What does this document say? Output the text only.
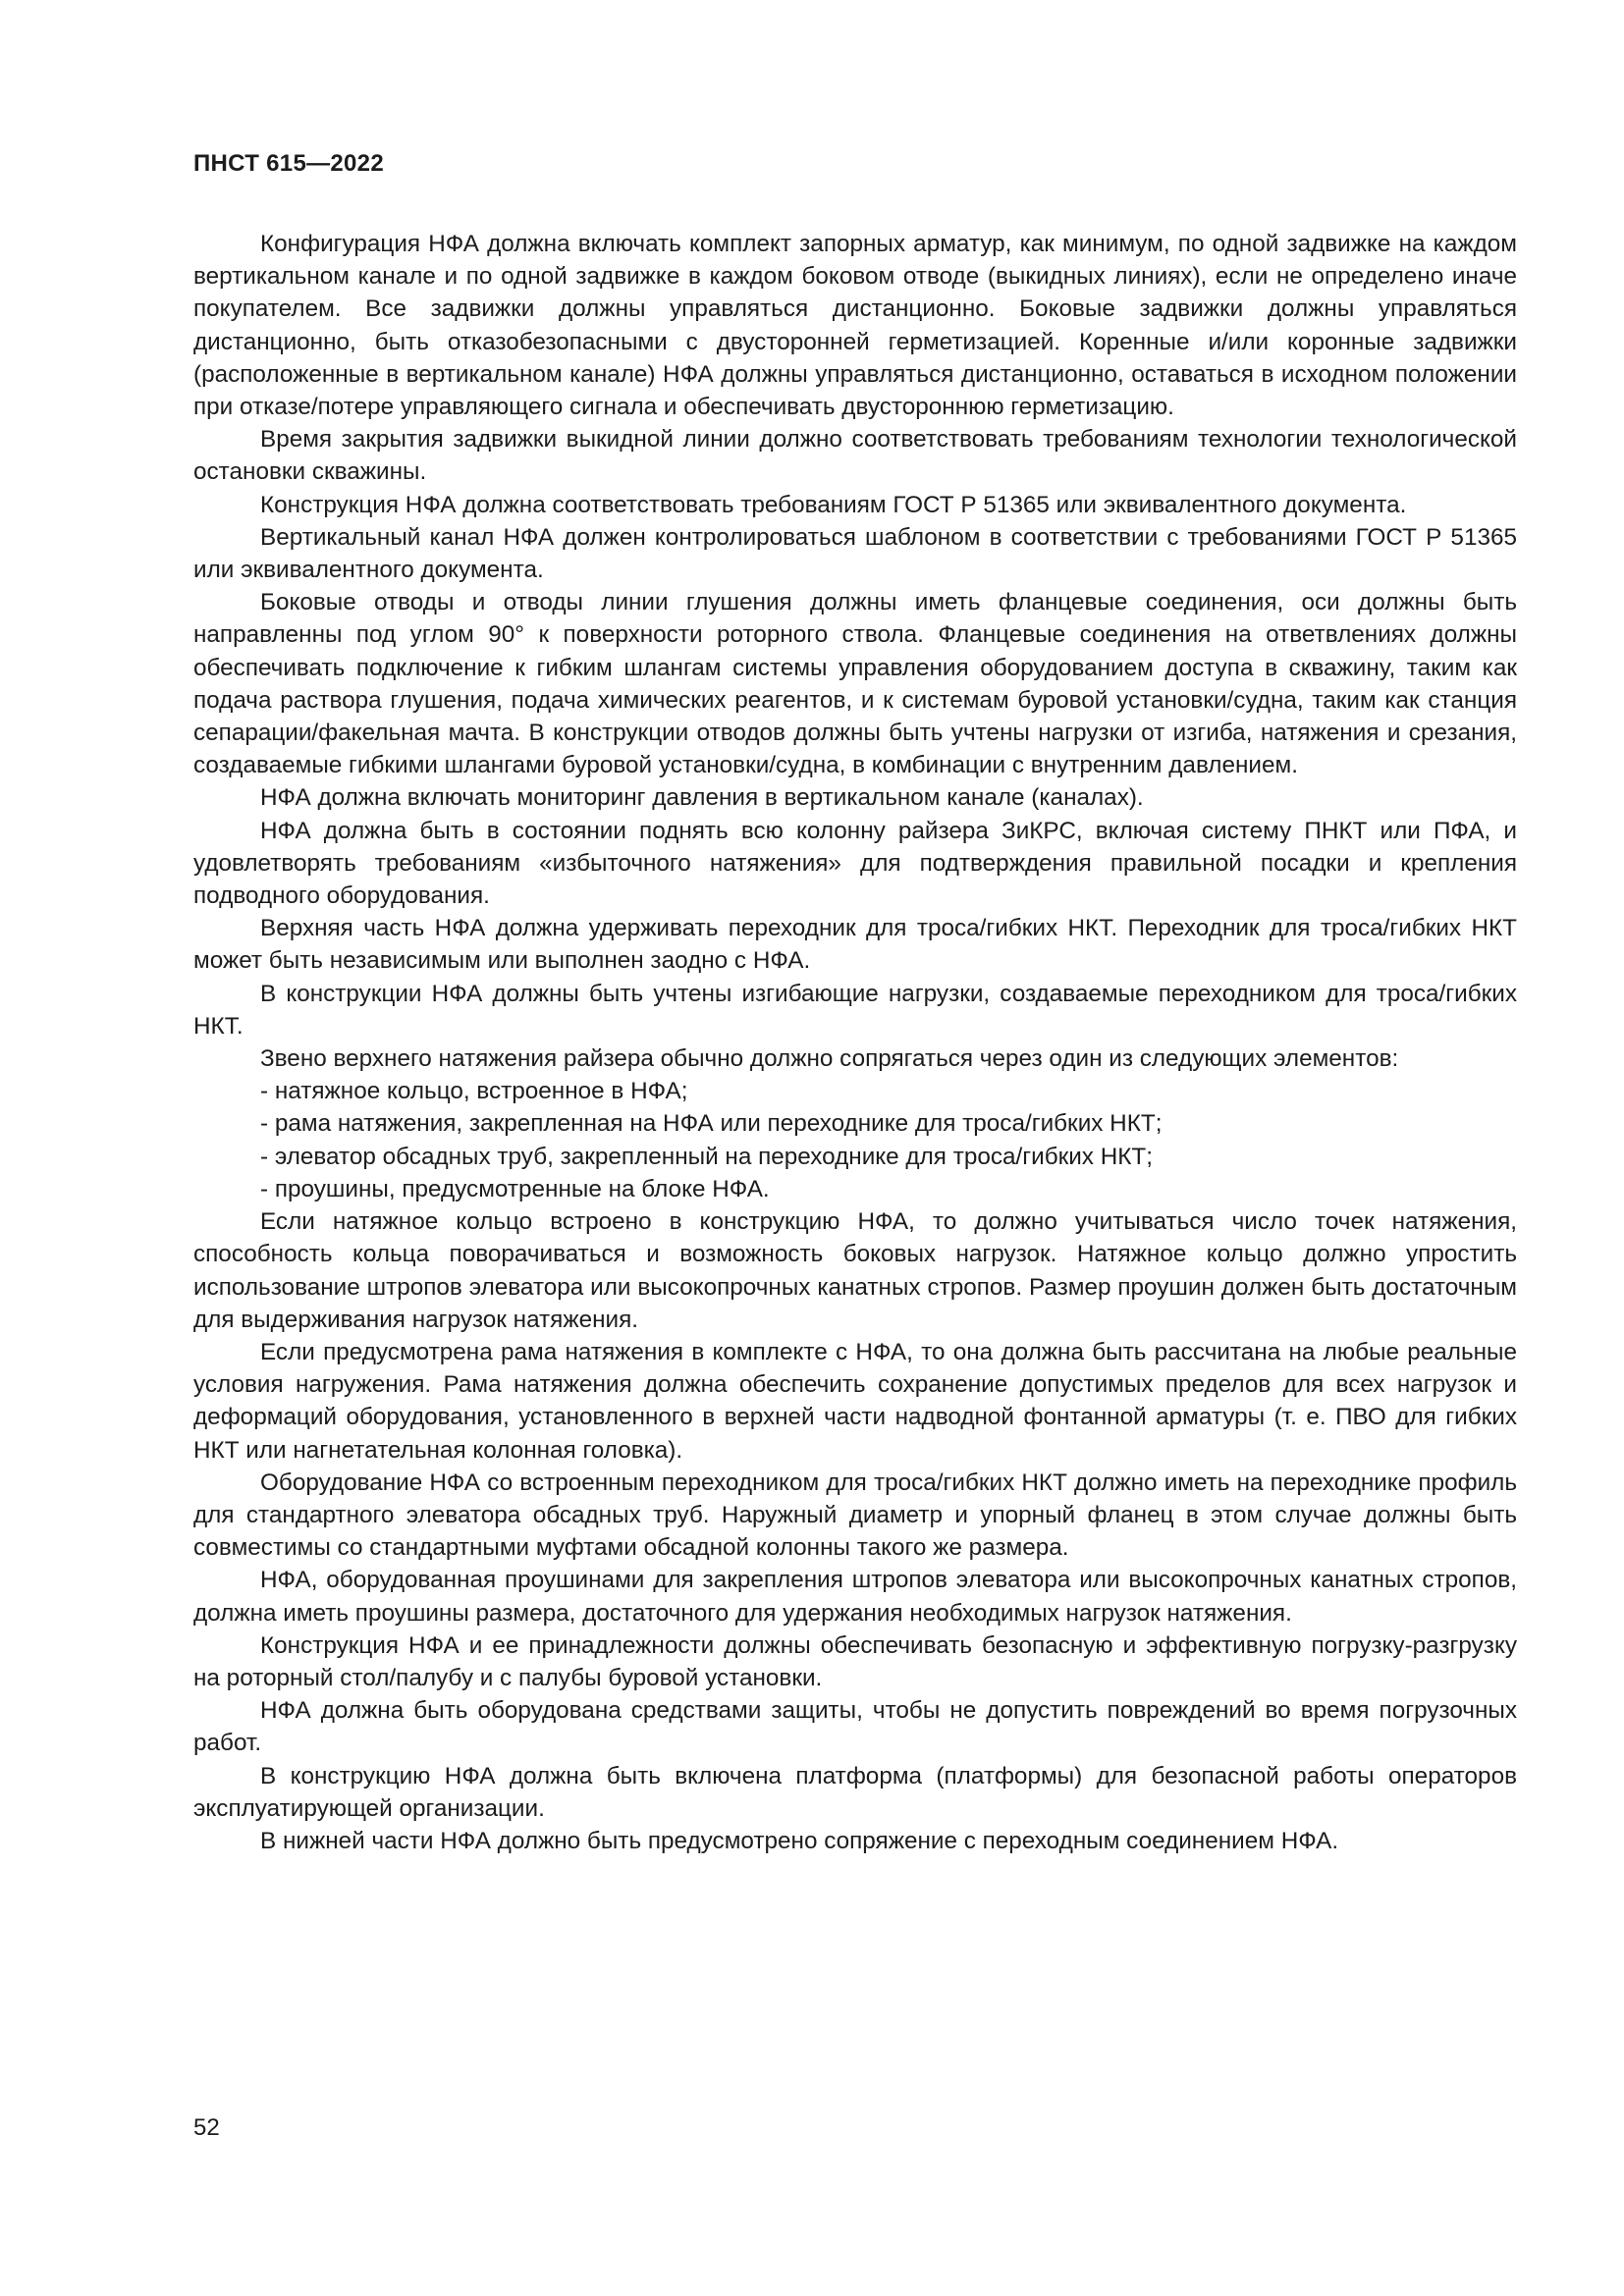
ПНСТ 615—2022

Конфигурация НФА должна включать комплект запорных арматур, как минимум, по одной задвижке на каждом вертикальном канале и по одной задвижке в каждом боковом отводе (выкидных линиях), если не определено иначе покупателем. Все задвижки должны управляться дистанционно. Боковые задвижки должны управляться дистанционно, быть отказобезопасными с двусторонней герметизацией. Коренные и/или коронные задвижки (расположенные в вертикальном канале) НФА должны управляться дистанционно, оставаться в исходном положении при отказе/потере управляющего сигнала и обеспечивать двустороннюю герметизацию.

Время закрытия задвижки выкидной линии должно соответствовать требованиям технологии технологической остановки скважины.

Конструкция НФА должна соответствовать требованиям ГОСТ Р 51365 или эквивалентного документа.

Вертикальный канал НФА должен контролироваться шаблоном в соответствии с требованиями ГОСТ Р 51365 или эквивалентного документа.

Боковые отводы и отводы линии глушения должны иметь фланцевые соединения, оси должны быть направленны под углом 90° к поверхности роторного ствола. Фланцевые соединения на ответвлениях должны обеспечивать подключение к гибким шлангам системы управления оборудованием доступа в скважину, таким как подача раствора глушения, подача химических реагентов, и к системам буровой установки/судна, таким как станция сепарации/факельная мачта. В конструкции отводов должны быть учтены нагрузки от изгиба, натяжения и срезания, создаваемые гибкими шлангами буровой установки/судна, в комбинации с внутренним давлением.

НФА должна включать мониторинг давления в вертикальном канале (каналах).

НФА должна быть в состоянии поднять всю колонну райзера ЗиКРС, включая систему ПНКТ или ПФА, и удовлетворять требованиям «избыточного натяжения» для подтверждения правильной посадки и крепления подводного оборудования.

Верхняя часть НФА должна удерживать переходник для троса/гибких НКТ. Переходник для троса/гибких НКТ может быть независимым или выполнен заодно с НФА.

В конструкции НФА должны быть учтены изгибающие нагрузки, создаваемые переходником для троса/гибких НКТ.

Звено верхнего натяжения райзера обычно должно сопрягаться через один из следующих элементов:

- натяжное кольцо, встроенное в НФА;

- рама натяжения, закрепленная на НФА или переходнике для троса/гибких НКТ;

- элеватор обсадных труб, закрепленный на переходнике для троса/гибких НКТ;

- проушины, предусмотренные на блоке НФА.

Если натяжное кольцо встроено в конструкцию НФА, то должно учитываться число точек натяжения, способность кольца поворачиваться и возможность боковых нагрузок. Натяжное кольцо должно упростить использование штропов элеватора или высокопрочных канатных стропов. Размер проушин должен быть достаточным для выдерживания нагрузок натяжения.

Если предусмотрена рама натяжения в комплекте с НФА, то она должна быть рассчитана на любые реальные условия нагружения. Рама натяжения должна обеспечить сохранение допустимых пределов для всех нагрузок и деформаций оборудования, установленного в верхней части надводной фонтанной арматуры (т. е. ПВО для гибких НКТ или нагнетательная колонная головка).

Оборудование НФА со встроенным переходником для троса/гибких НКТ должно иметь на переходнике профиль для стандартного элеватора обсадных труб. Наружный диаметр и упорный фланец в этом случае должны быть совместимы со стандартными муфтами обсадной колонны такого же размера.

НФА, оборудованная проушинами для закрепления штропов элеватора или высокопрочных канатных стропов, должна иметь проушины размера, достаточного для удержания необходимых нагрузок натяжения.

Конструкция НФА и ее принадлежности должны обеспечивать безопасную и эффективную погрузку-разгрузку на роторный стол/палубу и с палубы буровой установки.

НФА должна быть оборудована средствами защиты, чтобы не допустить повреждений во время погрузочных работ.

В конструкцию НФА должна быть включена платформа (платформы) для безопасной работы операторов эксплуатирующей организации.

В нижней части НФА должно быть предусмотрено сопряжение с переходным соединением НФА.

52
